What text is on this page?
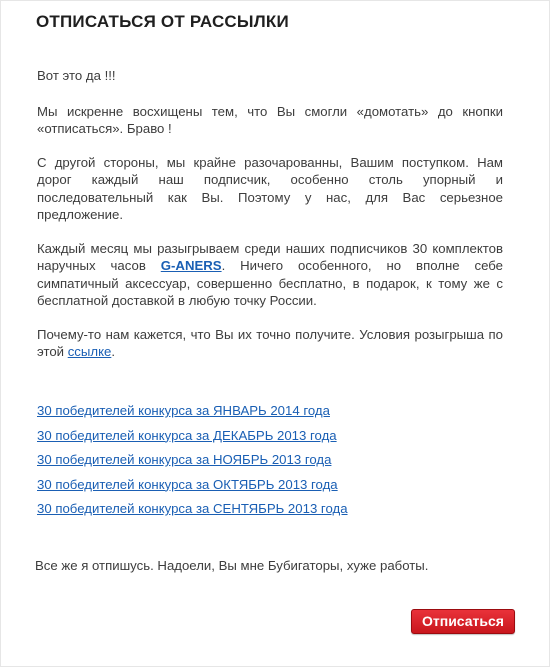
ОТПИСАТЬСЯ ОТ РАССЫЛКИ

Вот это да !!!

Мы искренне восхищены тем, что Вы смогли «домотать» до кнопки «отписаться». Браво !

С другой стороны, мы крайне разочарованны, Вашим поступком. Нам дорог каждый наш подписчик, особенно столь упорный и последовательный как Вы. Поэтому у нас, для Вас серьезное предложение.

Каждый месяц мы разыгрываем среди наших подписчиков 30 комплектов наручных часов G-ANERS. Ничего особенного, но вполне себе симпатичный аксессуар, совершенно бесплатно, в подарок, к тому же с бесплатной доставкой в любую точку России.

Почему-то нам кажется, что Вы их точно получите. Условия розыгрыша по этой ссылке.

30 победителей конкурса за ЯНВАРЬ 2014 года
30 победителей конкурса за ДЕКАБРЬ 2013 года
30 победителей конкурса за НОЯБРЬ 2013 года
30 победителей конкурса за ОКТЯБРЬ 2013 года
30 победителей конкурса за СЕНТЯБРЬ 2013 года
Все же я отпишусь. Надоели, Вы мне Бубигаторы, хуже работы.
Отписаться
